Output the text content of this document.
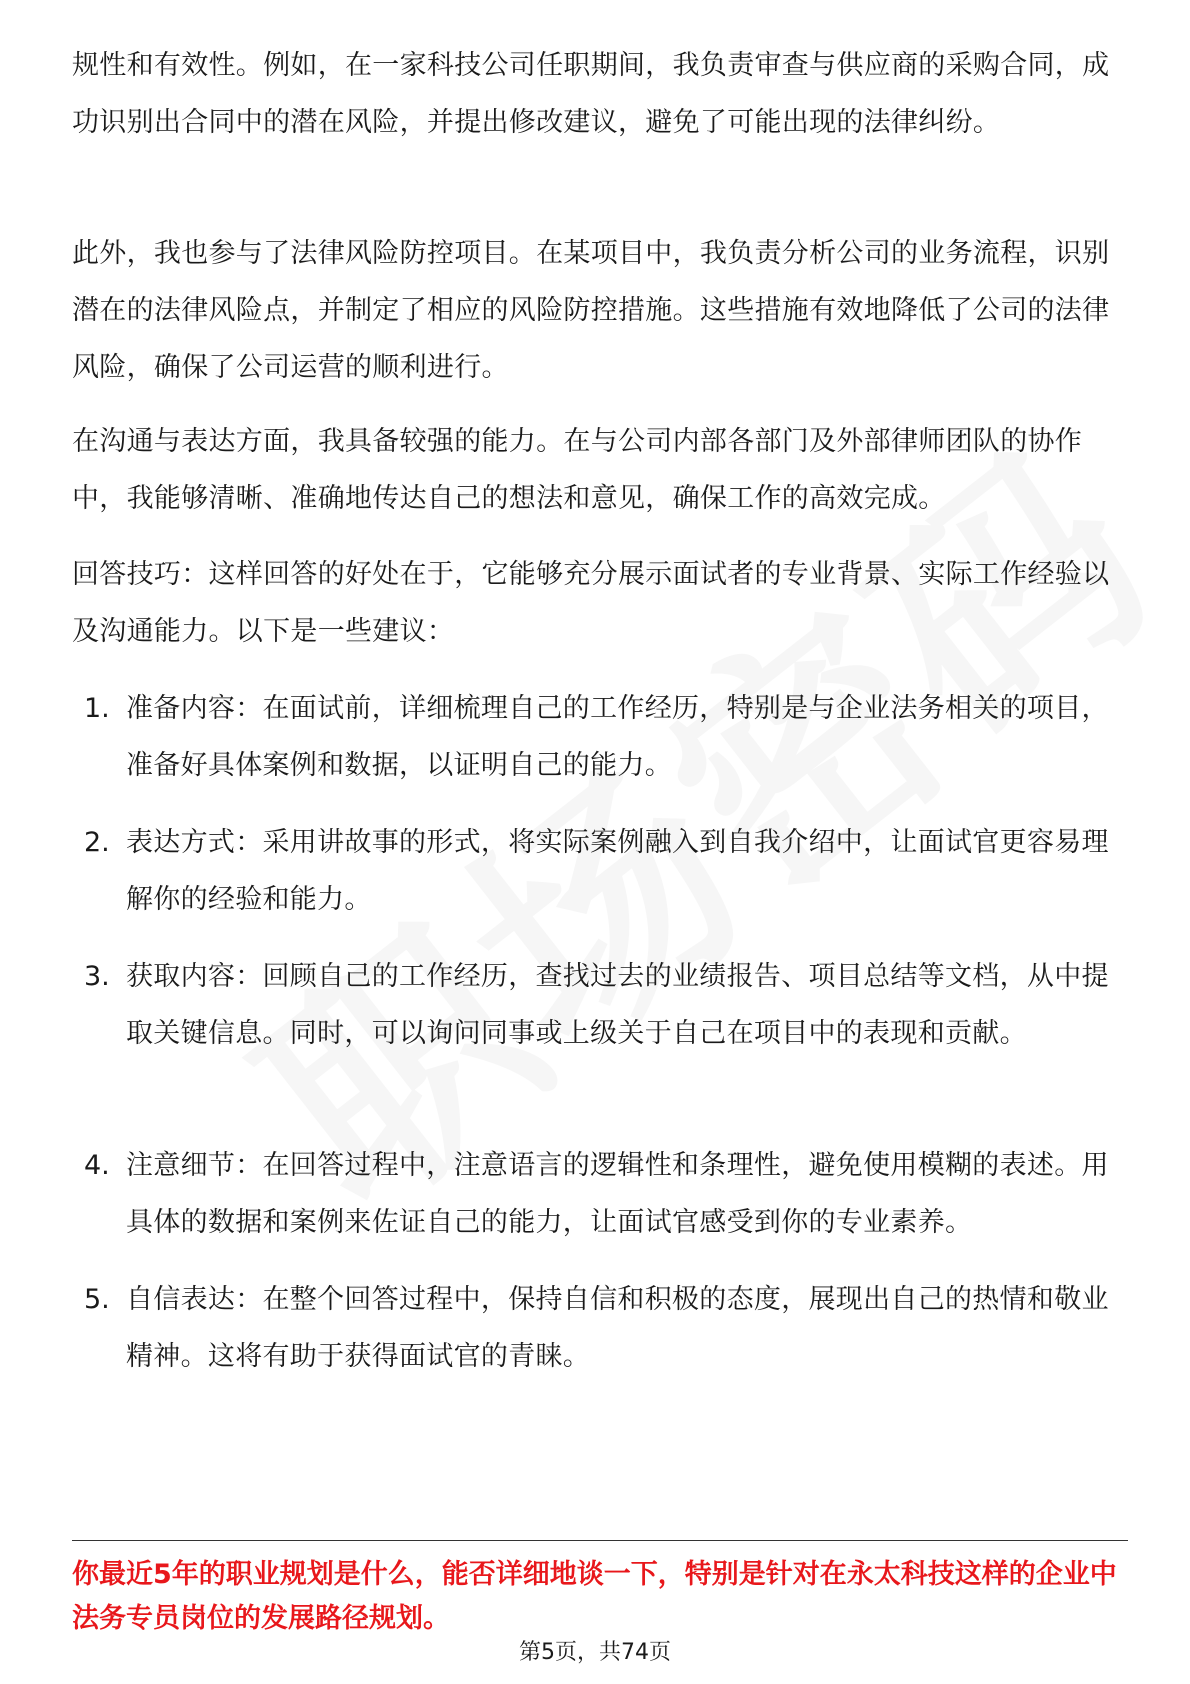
规性和有效性。例如，在一家科技公司任职期间，我负责审查与供应商的采购合同，成功识别出合同中的潜在风险，并提出修改建议，避免了可能出现的法律纠纷。

此外，我也参与了法律风险防控项目。在某项目中，我负责分析公司的业务流程，识别潜在的法律风险点，并制定了相应的风险防控措施。这些措施有效地降低了公司的法律风险，确保了公司运营的顺利进行。

在沟通与表达方面，我具备较强的能力。在与公司内部各部门及外部律师团队的协作中，我能够清晰、准确地传达自己的想法和意见，确保工作的高效完成。

回答技巧：这样回答的好处在于，它能够充分展示面试者的专业背景、实际工作经验以及沟通能力。以下是一些建议：

1. 准备内容：在面试前，详细梳理自己的工作经历，特别是与企业法务相关的项目，准备好具体案例和数据，以证明自己的能力。

2. 表达方式：采用讲故事的形式，将实际案例融入到自我介绍中，让面试官更容易理解你的经验和能力。

3. 获取内容：回顾自己的工作经历，查找过去的业绩报告、项目总结等文档，从中提取关键信息。同时，可以询问同事或上级关于自己在项目中的表现和贡献。

4. 注意细节：在回答过程中，注意语言的逻辑性和条理性，避免使用模糊的表述。用具体的数据和案例来佐证自己的能力，让面试官感受到你的专业素养。

5. 自信表达：在整个回答过程中，保持自信和积极的态度，展现出自己的热情和敬业精神。这将有助于获得面试官的青睐。

你最近5年的职业规划是什么，能否详细地谈一下，特别是针对在永太科技这样的企业中法务专员岗位的发展路径规划。

第5页，共74页
